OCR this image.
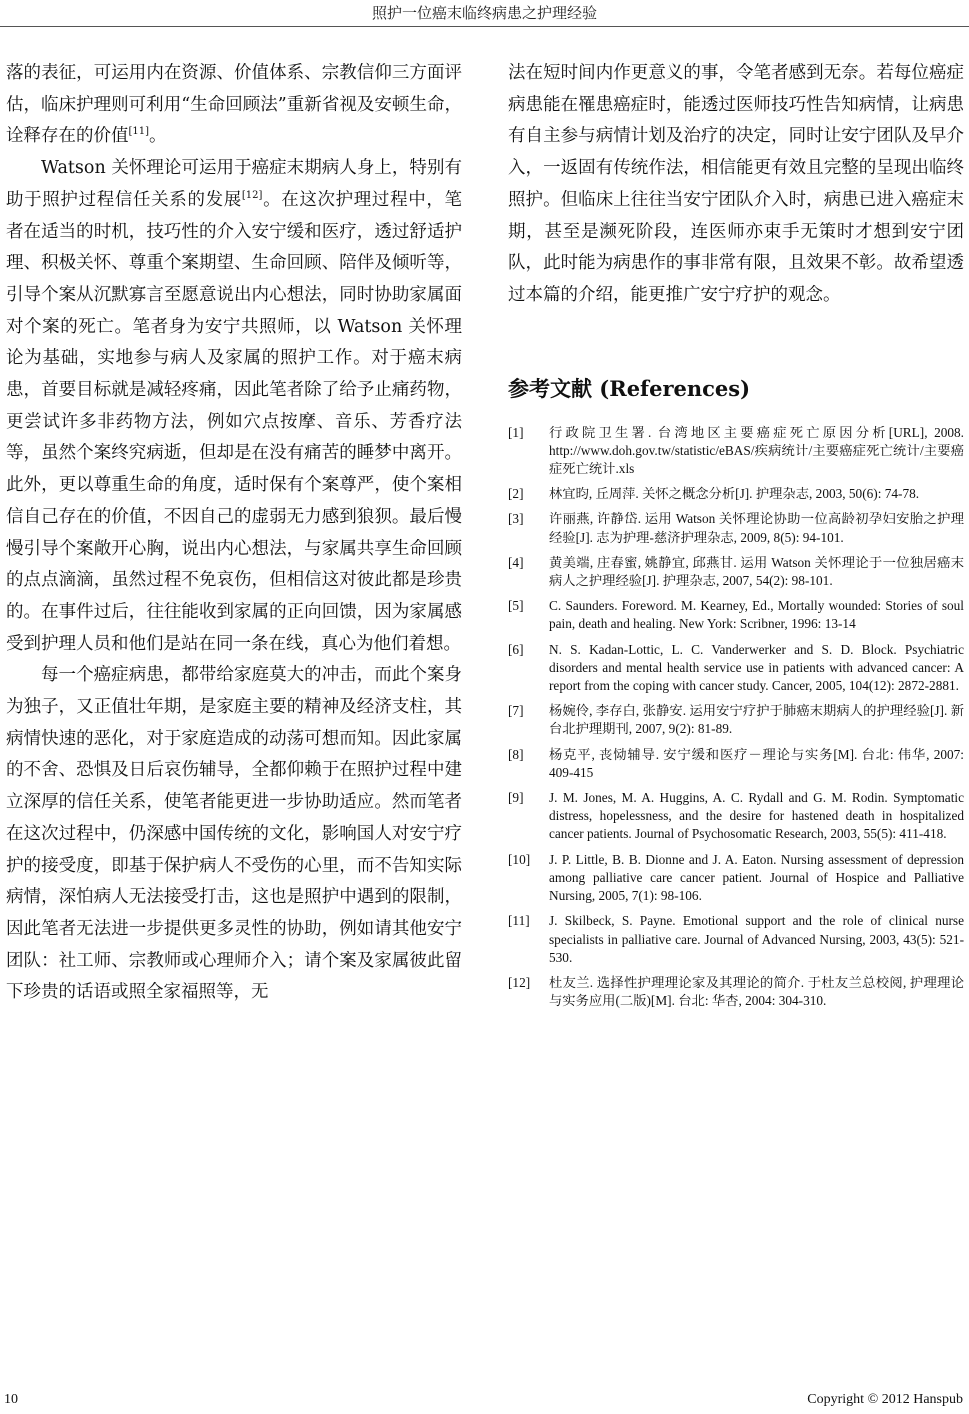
照护一位癌末临终病患之护理经验

落的表征，可运用内在资源、价值体系、宗教信仰三方面评估，临床护理则可利用“生命回顾法”重新省视及安顿生命，诠释存在的价值[11]。

Watson 关怀理论可运用于癌症末期病人身上，特别有助于照护过程信任关系的发展[12]。在这次护理过程中，笔者在适当的时机，技巧性的介入安宁缓和医疗，透过舒适护理、积极关怀、尊重个案期望、生命回顾、陪伴及倾听等，引导个案从沉默寡言至愿意说出内心想法，同时协助家属面对个案的死亡。笔者身为安宁共照师，以 Watson 关怀理论为基础，实地参与病人及家属的照护工作。对于癌末病患，首要目标就是减轻疼痛，因此笔者除了给予止痛药物，更尝试许多非药物方法，例如穴点按摩、音乐、芳香疗法等，虽然个案终究病逝，但却是在没有痛苦的睡梦中离开。此外，更以尊重生命的角度，适时保有个案尊严，使个案相信自己存在的价值，不因自己的虚弱无力感到狼狈。最后慢慢引导个案敞开心胸，说出内心想法，与家属共享生命回顾的点点滴滴，虽然过程不免哀伤，但相信这对彼此都是珍贵的。在事件过后，往往能收到家属的正向回馈，因为家属感受到护理人员和他们是站在同一条在线，真心为他们着想。

每一个癌症病患，都带给家庭莫大的冲击，而此个案身为独子，又正值壮年期，是家庭主要的精神及经济支柱，其病情快速的恶化，对于家庭造成的动荡可想而知。因此家属的不舍、恐惧及日后哀伤辅导，全都仰赖于在照护过程中建立深厚的信任关系，使笔者能更进一步协助适应。然而笔者在这次过程中，仍深感中国传统的文化，影响国人对安宁疗护的接受度，即基于保护病人不受伤的心里，而不告知实际病情，深怕病人无法接受打击，这也是照护中遇到的限制，因此笔者无法进一步提供更多灵性的协助，例如请其他安宁团队：社工师、宗教师或心理师介入；请个案及家属彼此留下珍贵的话语或照全家福照等，无

法在短时间内作更意义的事，令笔者感到无奈。若每位癌症病患能在罹患癌症时，能透过医师技巧性告知病情，让病患有自主参与病情计划及治疗的决定，同时让安宁团队及早介入，一返固有传统作法，相信能更有效且完整的呈现出临终照护。但临床上往往当安宁团队介入时，病患已进入癌症末期，甚至是濒死阶段，连医师亦束手无策时才想到安宁团队，此时能为病患作的事非常有限，且效果不彰。故希望透过本篇的介绍，能更推广安宁疗护的观念。

参考文献 (References)
[1] 行政院卫生署. 台湾地区主要癌症死亡原因分析[URL], 2008. http://www.doh.gov.tw/statistic/eBAS/疾病统计/主要癌症死亡统计/主要癌症死亡统计.xls
[2] 林宜昀, 丘周萍. 关怀之概念分析[J]. 护理杂志, 2003, 50(6): 74-78.
[3] 许丽燕, 许静岱. 运用 Watson 关怀理论协助一位高龄初孕妇安胎之护理经验[J]. 志为护理-慈济护理杂志, 2009, 8(5): 94-101.
[4] 黄美端, 庄春蜜, 姚静宜, 邱燕甘. 运用 Watson 关怀理论于一位独居癌末病人之护理经验[J]. 护理杂志, 2007, 54(2): 98-101.
[5] C. Saunders. Foreword. M. Kearney, Ed., Mortally wounded: Stories of soul pain, death and healing. New York: Scribner, 1996: 13-14
[6] N. S. Kadan-Lottic, L. C. Vanderwerker and S. D. Block. Psychiatric disorders and mental health service use in patients with advanced cancer: A report from the coping with cancer study. Cancer, 2005, 104(12): 2872-2881.
[7] 杨婉伶, 李存白, 张静安. 运用安宁疗护于肺癌末期病人的护理经验[J]. 新台北护理期刊, 2007, 9(2): 81-89.
[8] 杨克平, 丧恸辅导. 安宁缓和医疗－理论与实务[M]. 台北: 伟华, 2007: 409-415
[9] J. M. Jones, M. A. Huggins, A. C. Rydall and G. M. Rodin. Symptomatic distress, hopelessness, and the desire for hastened death in hospitalized cancer patients. Journal of Psychosomatic Research, 2003, 55(5): 411-418.
[10] J. P. Little, B. B. Dionne and J. A. Eaton. Nursing assessment of depression among palliative care cancer patient. Journal of Hospice and Palliative Nursing, 2005, 7(1): 98-106.
[11] J. Skilbeck, S. Payne. Emotional support and the role of clinical nurse specialists in palliative care. Journal of Advanced Nursing, 2003, 43(5): 521-530.
[12] 杜友兰. 选择性护理理论家及其理论的简介. 于杜友兰总校阅, 护理理论与实务应用(二版)[M]. 台北: 华杏, 2004: 304-310.
10	Copyright © 2012 Hanspub
